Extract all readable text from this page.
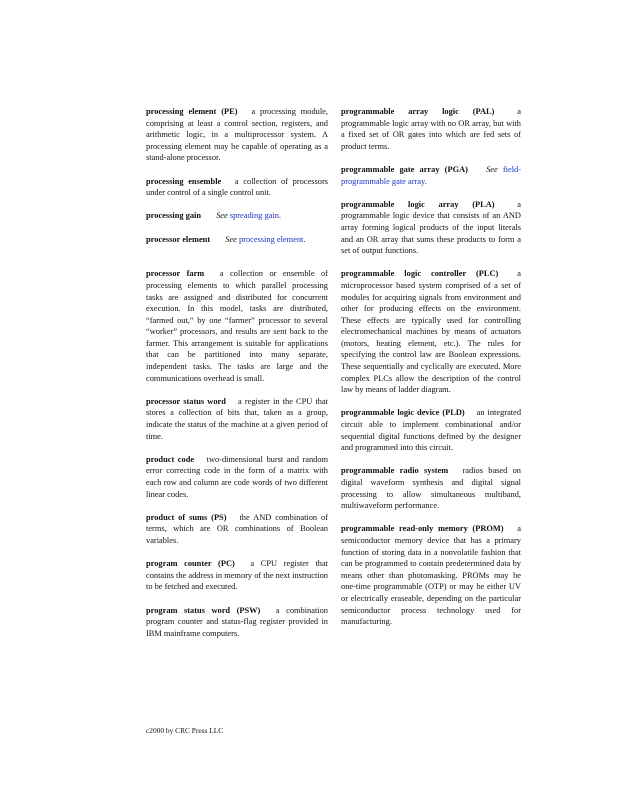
processing element (PE) a processing module, comprising at least a control section, registers, and arithmetic logic, in a multiprocessor system. A processing element may be capable of operating as a stand-alone processor.
processing ensemble a collection of processors under control of a single control unit.
processing gain See spreading gain.
processor element See processing element.
processor farm a collection or ensemble of processing elements to which parallel processing tasks are assigned and distributed for concurrent execution. In this model, tasks are distributed, “farmed out,” by one “farmer” processor to several “worker” processors, and results are sent back to the farmer. This arrangement is suitable for applications that can be partitioned into many separate, independent tasks. The tasks are large and the communications overhead is small.
processor status word a register in the CPU that stores a collection of bits that, taken as a group, indicate the status of the machine at a given period of time.
product code two-dimensional burst and random error correcting code in the form of a matrix with each row and column are code words of two different linear codes.
product of sums (PS) the AND combination of terms, which are OR combinations of Boolean variables.
program counter (PC) a CPU register that contains the address in memory of the next instruction to be fetched and executed.
program status word (PSW) a combination program counter and status-flag register provided in IBM mainframe computers.
programmable array logic (PAL)	a programmable logic array with no OR array, but with a fixed set of OR gates into which are fed sets of product terms.
programmable gate array (PGA) See field-programmable gate array.
programmable logic array (PLA)	a programmable logic device that consists of an AND array forming logical products of the input literals and an OR array that sums these products to form a set of output functions.
programmable logic controller (PLC) a microprocessor based system comprised of a set of modules for acquiring signals from environment and other for producing effects on the environment. These effects are typically used for controlling electromechanical machines by means of actuators (motors, heating element, etc.). The rules for specifying the control law are Boolean expressions. These sequentially and cyclically are executed. More complex PLCs allow the description of the control law by means of ladder diagram.
programmable logic device (PLD) an integrated circuit able to implement combinational and/or sequential digital functions defined by the designer and programmed into this circuit.
programmable radio system radios based on digital waveform synthesis and digital signal processing to allow simultaneous multiband, multiwaveform performance.
programmable read-only memory (PROM) a semiconductor memory device that has a primary function of storing data in a nonvolatile fashion that can be programmed to contain predetermined data by means other than photomasking. PROMs may be one-time programmable (OTP) or may be either UV or electrically eraseable, depending on the particular semiconductor process technology used for manufacturing.
c2000 by CRC Press LLC
